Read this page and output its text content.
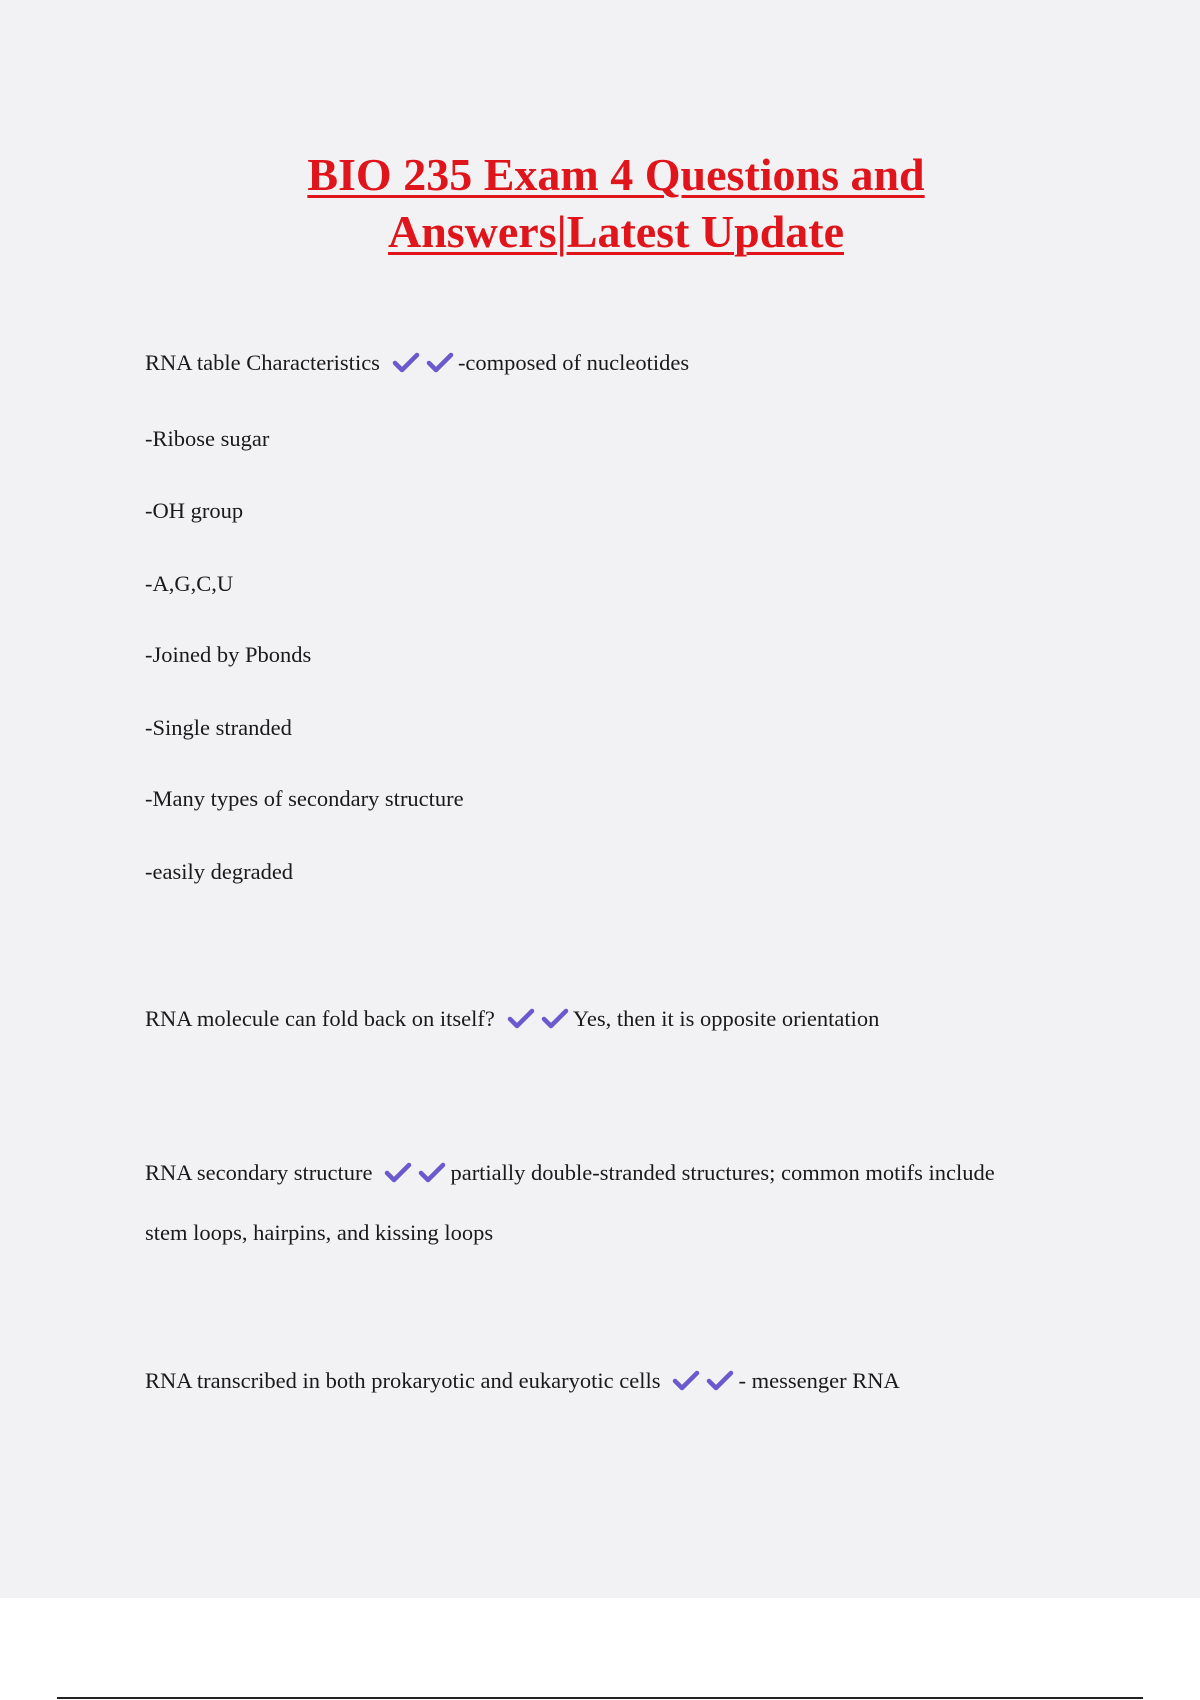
BIO 235 Exam 4 Questions and
Answers|Latest Update
RNA table Characteristics	-composed of nucleotides
-Ribose sugar
-OH group
-A,G,C,U
-Joined by Pbonds
-Single stranded
-Many types of secondary structure
-easily degraded
RNA molecule can fold back on itself?	Yes, then it is opposite orientation
RNA secondary structure	partially double-stranded structures; common motifs include
stem loops, hairpins, and kissing loops
RNA transcribed in both prokaryotic and eukaryotic cells	- messenger RNA
